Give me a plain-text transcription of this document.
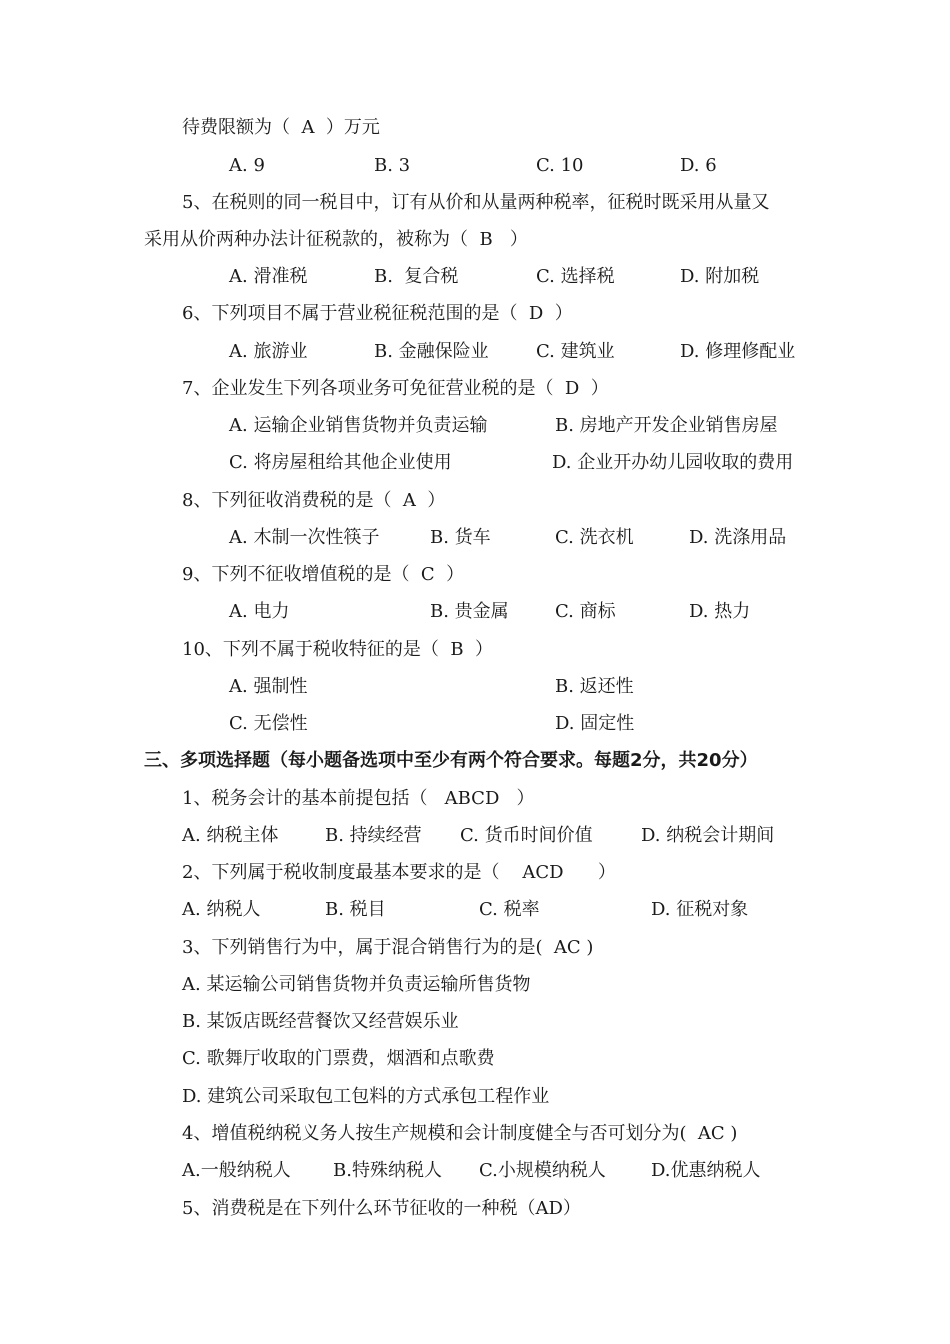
待费限额为（  A  ）万元
A. 9	B. 3	C. 10	D. 6
5、在税则的同一税目中，订有从价和从量两种税率，征税时既采用从量又
采用从价两种办法计征税款的，被称为（  B   ）
A. 滑准税	B.  复合税	C. 选择税	D. 附加税
6、下列项目不属于营业税征税范围的是（  D  ）
A. 旅游业	B. 金融保险业	C. 建筑业	D. 修理修配业
7、企业发生下列各项业务可免征营业税的是（  D  ）
A. 运输企业销售货物并负责运输	B. 房地产开发企业销售房屋
C. 将房屋租给其他企业使用	D. 企业开办幼儿园收取的费用
8、下列征收消费税的是（  A  ）
A. 木制一次性筷子	B. 货车	C. 洗衣机	D. 洗涤用品
9、下列不征收增值税的是（  C  ）
A. 电力	B. 贵金属	C. 商标	D. 热力
10、下列不属于税收特征的是（  B  ）
A. 强制性	B. 返还性
C. 无偿性	D. 固定性
三、多项选择题（每小题备选项中至少有两个符合要求。每题2分，共20分）
1、税务会计的基本前提包括（   ABCD   ）
A. 纳税主体	B. 持续经营 C. 货币时间价值	D. 纳税会计期间
2、下列属于税收制度最基本要求的是（    ACD      ）
A. 纳税人	B. 税目	C. 税率	D. 征税对象
3、下列销售行为中，属于混合销售行为的是(  AC )
A. 某运输公司销售货物并负责运输所售货物
B. 某饭店既经营餐饮又经营娱乐业
C. 歌舞厅收取的门票费，烟酒和点歌费
D. 建筑公司采取包工包料的方式承包工程作业
4、增值税纳税义务人按生产规模和会计制度健全与否可划分为(  AC )
A.一般纳税人 B.特殊纳税人 C.小规模纳税人	D.优惠纳税人
5、消费税是在下列什么环节征收的一种税（AD）
